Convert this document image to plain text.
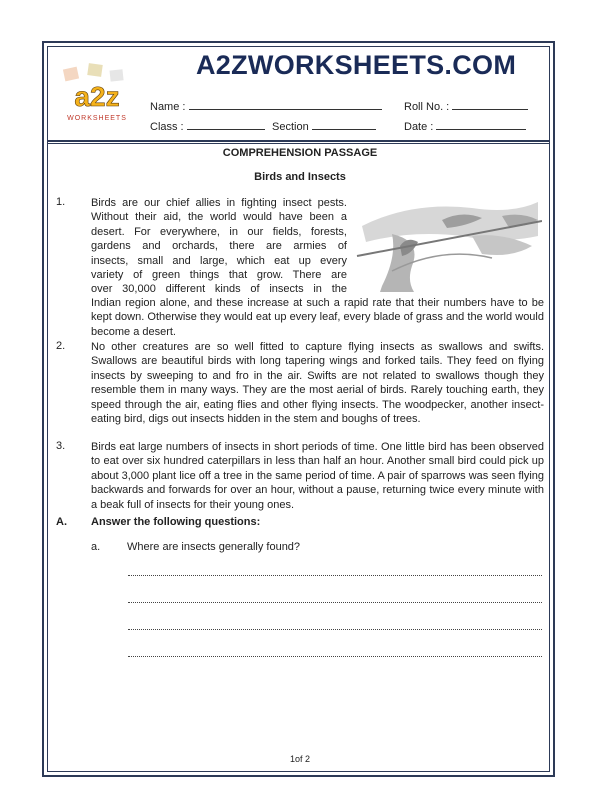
A2ZWORKSHEETS.COM
a2z
WORKSHEETS
Name :	Roll No. :
Class :	Section	Date :
COMPREHENSION PASSAGE
Birds and Insects
1. Birds are our chief allies in fighting insect pests.
Without their aid, the world would have been a
desert. For everywhere, in our fields, forests,
gardens and orchards, there are armies of
insects, small and large, which eat up every
variety of green things that grow. There are
over 30,000 different kinds of insects in the
Indian region alone, and these increase at such a rapid rate that their numbers have to be kept down. Otherwise they would eat up every leaf, every blade of grass and the world would become a desert.
2. No other creatures are so well fitted to capture flying insects as swallows and swifts. Swallows are beautiful birds with long tapering wings and forked tails. They feed on flying insects by sweeping to and fro in the air. Swifts are not related to swallows though they resemble them in many ways. They are the most aerial of birds. Rarely touching earth, they speed through the air, eating flies and other flying insects. The woodpecker, another insect-eating bird, digs out insects hidden in the stem and boughs of trees.
3. Birds eat large numbers of insects in short periods of time. One little bird has been observed to eat over six hundred caterpillars in less than half an hour. Another small bird could pick up about 3,000 plant lice off a tree in the same period of time. A pair of sparrows was seen flying backwards and forwards for over an hour, without a pause, returning twice every minute with a beak full of insects for their young ones.
A. Answer the following questions:
a. Where are insects generally found?
1of 2
